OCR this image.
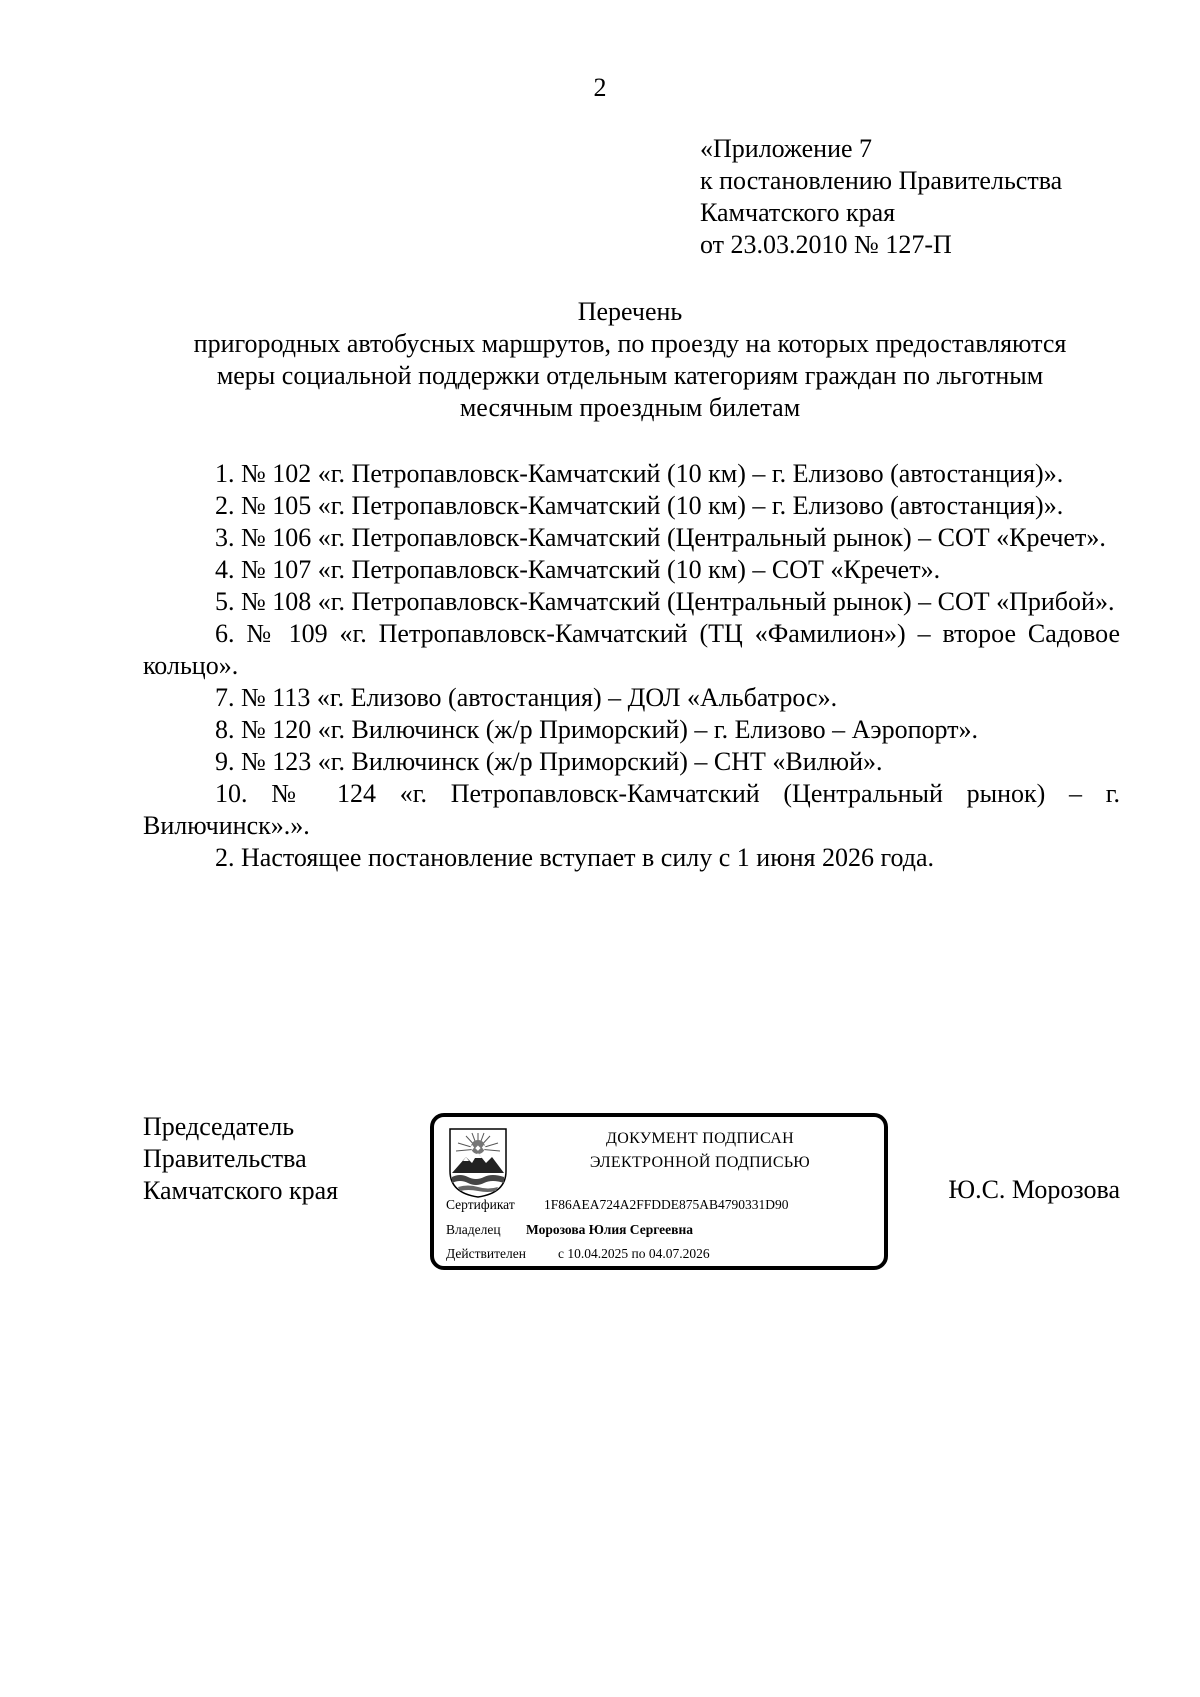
2
«Приложение 7
к постановлению Правительства
Камчатского края
от 23.03.2010 № 127-П
Перечень
пригородных автобусных маршрутов, по проезду на которых предоставляются
меры социальной поддержки отдельным категориям граждан по льготным
месячным проездным билетам

1. № 102 «г. Петропавловск-Камчатский (10 км) – г. Елизово (автостанция)».

2. № 105 «г. Петропавловск-Камчатский (10 км) – г. Елизово (автостанция)».

3. № 106 «г. Петропавловск-Камчатский (Центральный рынок) – СОТ «Кречет».

4. № 107 «г. Петропавловск-Камчатский (10 км) – СОТ «Кречет».

5. № 108 «г. Петропавловск-Камчатский (Центральный рынок) – СОТ «Прибой».

6. № 109 «г. Петропавловск-Камчатский (ТЦ «Фамилион») – второе Садовое кольцо».

7. № 113 «г. Елизово (автостанция) – ДОЛ «Альбатрос».

8. № 120 «г. Вилючинск (ж/р Приморский) – г. Елизово – Аэропорт».

9. № 123 «г. Вилючинск (ж/р Приморский) – СНТ «Вилюй».

10. № 124 «г. Петропавловск-Камчатский (Центральный рынок) – г. Вилючинск».».

2. Настоящее постановление вступает в силу с 1 июня 2026 года.

Председатель
Правительства
Камчатского края
♦◆♦
ДОКУМЕНТ ПОДПИСАН
ЭЛЕКТРОННОЙ ПОДПИСЬЮ
Сертификат 1F86AEA724A2FFDDE875AB4790331D90
Владелец Морозова Юлия Сергеевна
Действителен с 10.04.2025 по 04.07.2026
Ю.С. Морозова
